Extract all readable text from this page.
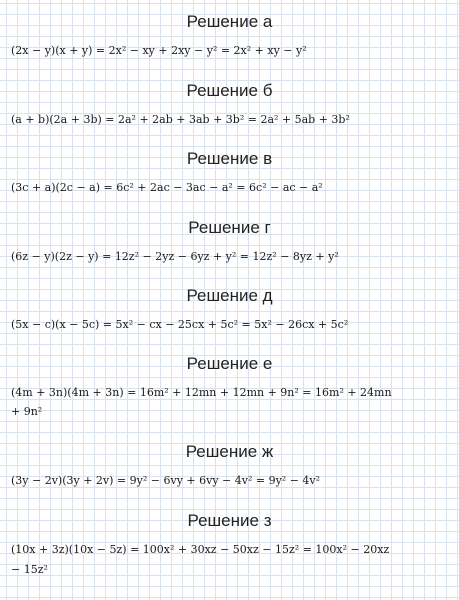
Решение а
(2x − y)(x + y) = 2x² − xy + 2xy − y² = 2x² + xy − y²
Решение б
(a + b)(2a + 3b) = 2a² + 2ab + 3ab + 3b² = 2a² + 5ab + 3b²
Решение в
(3c + a)(2c − a) = 6c² + 2ac − 3ac − a² = 6c² − ac − a²
Решение г
(6z − y)(2z − y) = 12z² − 2yz − 6yz + y² = 12z² − 8yz + y²
Решение д
(5x − c)(x − 5c) = 5x² − cx − 25cx + 5c² = 5x² − 26cx + 5c²
Решение е
(4m + 3n)(4m + 3n) = 16m² + 12mn + 12mn + 9n² = 16m² + 24mn
+ 9n²
Решение ж
(3y − 2v)(3y + 2v) = 9y² − 6vy + 6vy − 4v² = 9y² − 4v²
Решение з
(10x + 3z)(10x − 5z) = 100x² + 30xz − 50xz − 15z² = 100x² − 20xz
− 15z²
